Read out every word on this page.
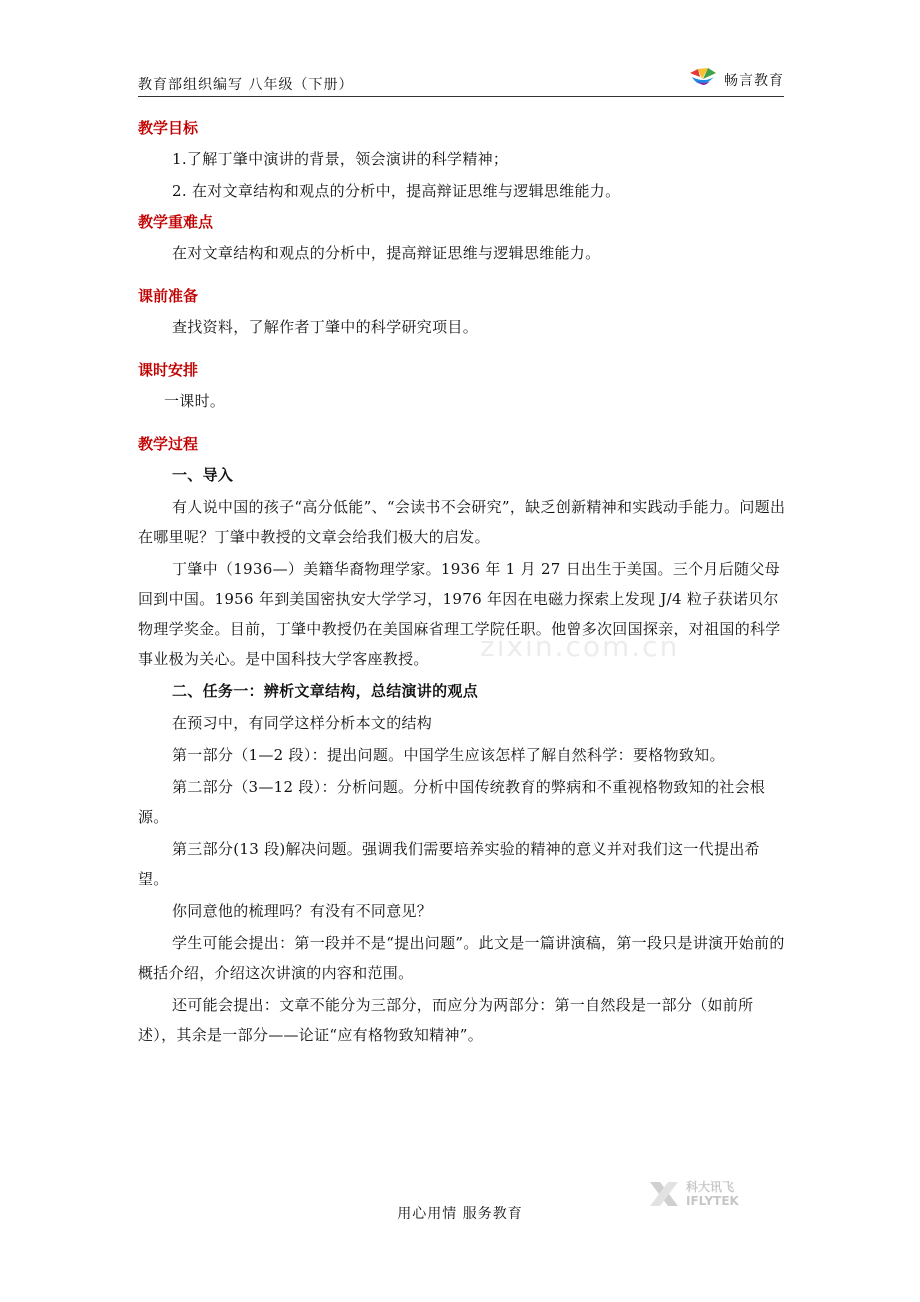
教育部组织编写 八年级（下册）	畅言教育
教学目标

1.了解丁肇中演讲的背景，领会演讲的科学精神；

2. 在对文章结构和观点的分析中，提高辩证思维与逻辑思维能力。

教学重难点

在对文章结构和观点的分析中，提高辩证思维与逻辑思维能力。

课前准备

查找资料，了解作者丁肇中的科学研究项目。

课时安排

一课时。

教学过程

一、导入

有人说中国的孩子“高分低能”、“会读书不会研究”，缺乏创新精神和实践动手能力。问题出在哪里呢？丁肇中教授的文章会给我们极大的启发。

丁肇中（1936—）美籍华裔物理学家。1936 年 1 月 27 日出生于美国。三个月后随父母回到中国。1956 年到美国密执安大学学习，1976 年因在电磁力探索上发现 J/4 粒子获诺贝尔物理学奖金。目前，丁肇中教授仍在美国麻省理工学院任职。他曾多次回国探亲，对祖国的科学事业极为关心。是中国科技大学客座教授。

二、任务一：辨析文章结构，总结演讲的观点

在预习中，有同学这样分析本文的结构

第一部分（1—2 段）：提出问题。中国学生应该怎样了解自然科学：要格物致知。

第二部分（3—12 段）：分析问题。分析中国传统教育的弊病和不重视格物致知的社会根源。

第三部分(13 段)解决问题。强调我们需要培养实验的精神的意义并对我们这一代提出希望。

你同意他的梳理吗？有没有不同意见？

学生可能会提出：第一段并不是“提出问题”。此文是一篇讲演稿，第一段只是讲演开始前的概括介绍，介绍这次讲演的内容和范围。

还可能会提出：文章不能分为三部分，而应分为两部分：第一自然段是一部分（如前所述），其余是一部分——论证“应有格物致知精神”。

zixin.com.cn
科大讯飞
IFLYTEK
用心用情 服务教育
